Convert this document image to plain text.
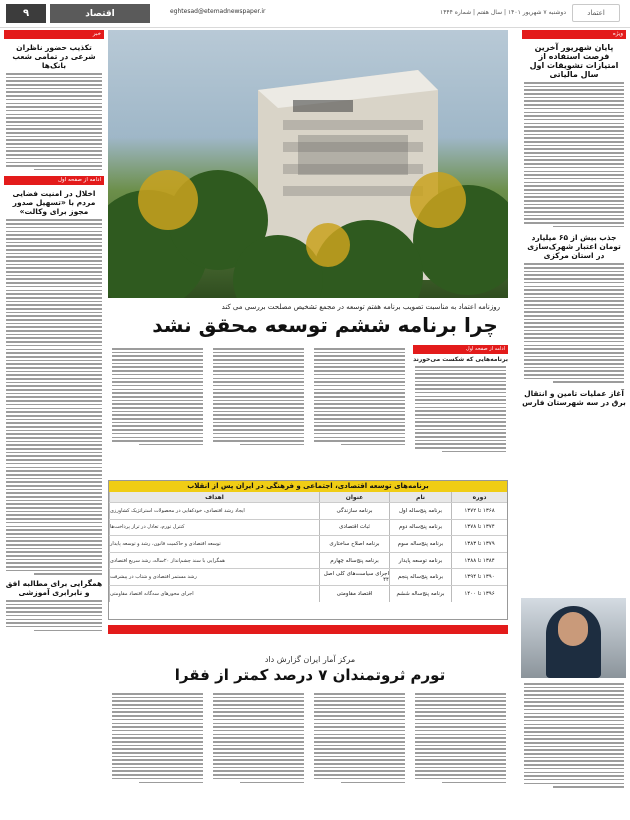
اعتماد
دوشنبه ۷ شهریور ۱۴۰۱ | سال هفتم | شماره ۱۴۴۴
eghtesad@etemadnewspaper.ir
اقتصاد
۹
ویژه
پایان شهریور آخرین فرصت استفاده از امتیازات تشویقات اول سال مالیاتی
جذب بیش از ۶۵ میلیارد تومان اعتبار شهرک‌سازی در استان مرکزی
آغاز عملیات تامین و انتقال برق در سه شهرستان فارس
خبر
تکذیب حضور ناظران شرعی در تمامی شعب بانک‌ها
ادامه از صفحه اول
اخلال در امنیت فضایی مردم با «تسهیل صدور مجوز برای وکالت»
همگرایی برای مطالبه افق و نابرابری آموزشی
روزنامه اعتماد به مناسبت تصویب برنامه هفتم توسعه در مجمع تشخیص مصلحت بررسی می کند
چرا برنامه ششم توسعه محقق نشد
ادامه از صفحه اول
برنامه‌هایی که شکست می‌خورند
برنامه‌های توسعه اقتصادی، اجتماعی و فرهنگی در ایران پس از انقلاب
دوره
نام
عنوان
اهداف
۱۳۶۸ تا ۱۳۷۲
برنامه پنج‌ساله اول
برنامه سازندگی
ایجاد رشد اقتصادی، خودکفایی در محصولات استراتژیک کشاورزی
۱۳۷۴ تا ۱۳۷۸
برنامه پنج‌ساله دوم
ثبات اقتصادی
کنترل تورم، تعادل در تراز پرداخت‌ها
۱۳۷۹ تا ۱۳۸۳
برنامه پنج‌ساله سوم
برنامه اصلاح ساختاری
توسعه اقتصادی و حاکمیت قانون، رشد و توسعه پایدار
۱۳۸۴ تا ۱۳۸۸
برنامه توسعه پایدار
برنامه پنج‌ساله چهارم
همگرایی با سند چشم‌انداز ۲۰ساله، رشد سریع اقتصادی
۱۳۹۰ تا ۱۳۹۴
برنامه پنج‌ساله پنجم
اجرای سیاست‌های کلی اصل ۴۴
رشد مستمر اقتصادی و شتاب در پیشرفت
۱۳۹۶ تا ۱۴۰۰
برنامه پنج‌ساله ششم
اقتصاد مقاومتی
اجرای محورهای سه‌گانه اقتصاد مقاومتی
مرکز آمار ایران گزارش داد
تورم ثروتمندان ۷ درصد کمتر از فقرا
